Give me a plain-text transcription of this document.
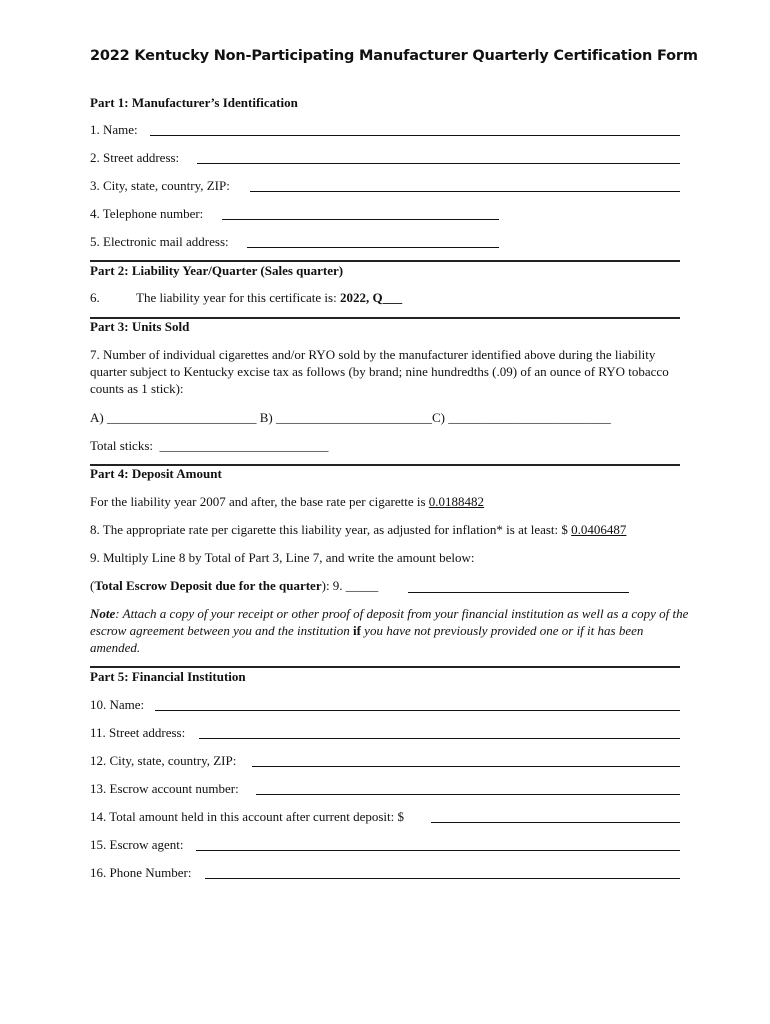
2022 Kentucky Non-Participating Manufacturer Quarterly Certification Form
Part 1: Manufacturer’s Identification
1. Name:
2. Street address:
3. City, state, country, ZIP:
4. Telephone number:
5. Electronic mail address:
Part 2: Liability Year/Quarter (Sales quarter)
6.	The liability year for this certificate is: 2022, Q___
Part 3: Units Sold
7. Number of individual cigarettes and/or RYO sold by the manufacturer identified above during the liability quarter subject to Kentucky excise tax as follows (by brand; nine hundredths (.09) of an ounce of RYO tobacco counts as 1 stick):
A) _______________________ B) ________________________C) _________________________
Total sticks: __________________________
Part 4: Deposit Amount
For the liability year 2007 and after, the base rate per cigarette is 0.0188482
8. The appropriate rate per cigarette this liability year, as adjusted for inflation* is at least: $ 0.0406487
9. Multiply Line 8 by Total of Part 3, Line 7, and write the amount below:
(Total Escrow Deposit due for the quarter): 9. _____
Note: Attach a copy of your receipt or other proof of deposit from your financial institution as well as a copy of the escrow agreement between you and the institution if you have not previously provided one or if it has been amended.
Part 5: Financial Institution
10. Name:
11. Street address:
12. City, state, country, ZIP:
13. Escrow account number:
14. Total amount held in this account after current deposit: $
15. Escrow agent:
16. Phone Number:
